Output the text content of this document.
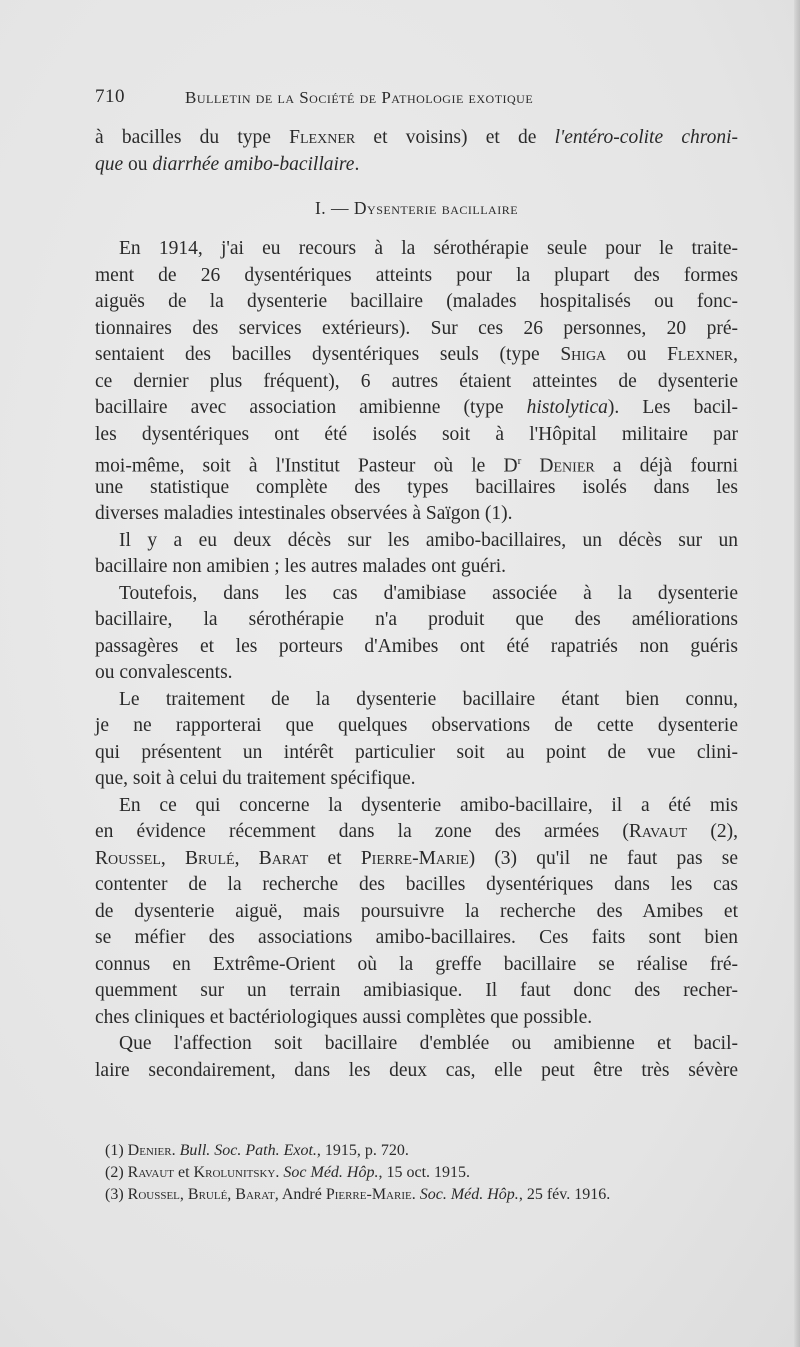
710	Bulletin de la Société de Pathologie exotique
à bacilles du type Flexner et voisins) et de l'entéro-colite chroni-
que ou diarrhée amibo-bacillaire.
I. — Dysenterie bacillaire
En 1914, j'ai eu recours à la sérothérapie seule pour le traite-
ment de 26 dysentériques atteints pour la plupart des formes
aiguës de la dysenterie bacillaire (malades hospitalisés ou fonc-
tionnaires des services extérieurs). Sur ces 26 personnes, 20 pré-
sentaient des bacilles dysentériques seuls (type Shiga ou Flexner,
ce dernier plus fréquent), 6 autres étaient atteintes de dysenterie
bacillaire avec association amibienne (type histolytica). Les bacil-
les dysentériques ont été isolés soit à l'Hôpital militaire par
moi-même, soit à l'Institut Pasteur où le $D^r$ Denier a déjà fourni
une statistique complète des types bacillaires isolés dans les
diverses maladies intestinales observées à Saïgon (1).
Il y a eu deux décès sur les amibo-bacillaires, un décès sur un
bacillaire non amibien ; les autres malades ont guéri.
Toutefois, dans les cas d'amibiase associée à la dysenterie
bacillaire, la sérothérapie n'a produit que des améliorations
passagères et les porteurs d'Amibes ont été rapatriés non guéris
ou convalescents.
Le traitement de la dysenterie bacillaire étant bien connu,
je ne rapporterai que quelques observations de cette dysenterie
qui présentent un intérêt particulier soit au point de vue clini-
que, soit à celui du traitement spécifique.
En ce qui concerne la dysenterie amibo-bacillaire, il a été mis
en évidence récemment dans la zone des armées (Ravaut (2),
Roussel, Brulé, Barat et Pierre-Marie) (3) qu'il ne faut pas se
contenter de la recherche des bacilles dysentériques dans les cas
de dysenterie aiguë, mais poursuivre la recherche des Amibes et
se méfier des associations amibo-bacillaires. Ces faits sont bien
connus en Extrême-Orient où la greffe bacillaire se réalise fré-
quemment sur un terrain amibiasique. Il faut donc des recher-
ches cliniques et bactériologiques aussi complètes que possible.
Que l'affection soit bacillaire d'emblée ou amibienne et bacil-
laire secondairement, dans les deux cas, elle peut être très sévère
(1) Denier. Bull. Soc. Path. Exot., 1915, p. 720.
(2) Ravaut et Krolunitsky. Soc Méd. Hôp., 15 oct. 1915.
(3) Roussel, Brulé, Barat, André Pierre-Marie. Soc. Méd. Hôp., 25 fév. 1916.
